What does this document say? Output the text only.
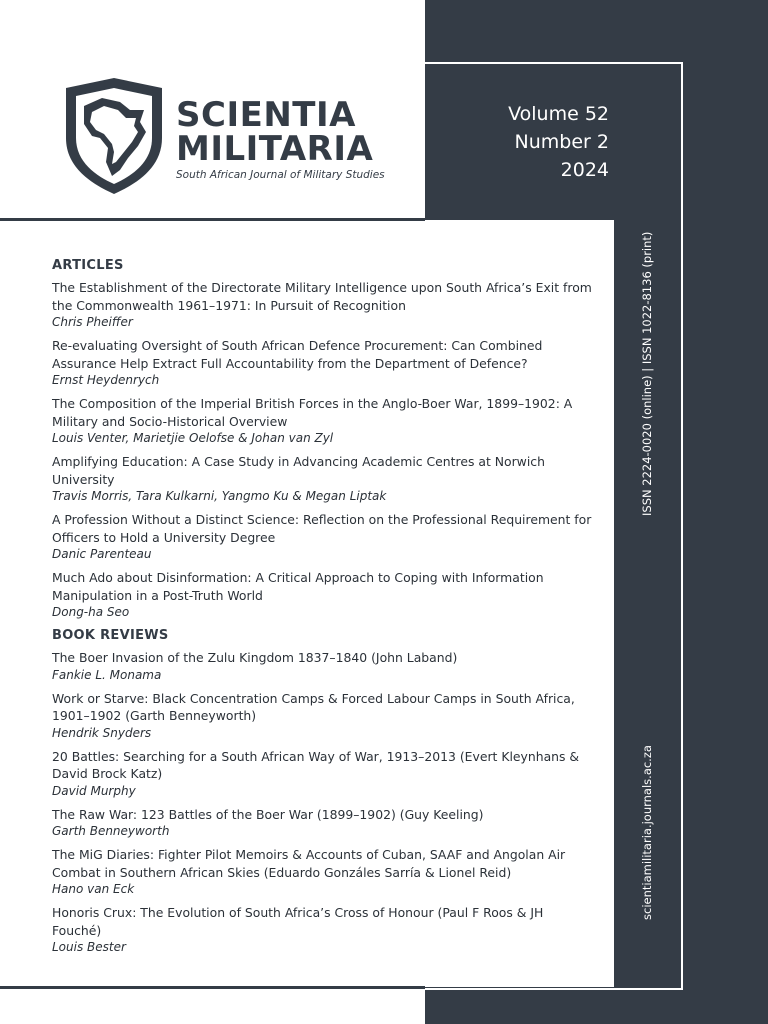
SCIENTIA
MILITARIA
South African Journal of Military Studies
Volume 52
Number 2
2024
ISSN 2224-0020 (online) | ISSN 1022-8136 (print)
scientiamilitaria.journals.ac.za
ARTICLES
The Establishment of the Directorate Military Intelligence upon South Africa’s Exit from the Commonwealth 1961–1971: In Pursuit of Recognition
Chris Pheiffer
Re-evaluating Oversight of South African Defence Procurement: Can Combined Assurance Help Extract Full Accountability from the Department of Defence?
Ernst Heydenrych
The Composition of the Imperial British Forces in the Anglo-Boer War, 1899–1902: A Military and Socio-Historical Overview
Louis Venter, Marietjie Oelofse & Johan van Zyl
Amplifying Education: A Case Study in Advancing Academic Centres at Norwich University
Travis Morris, Tara Kulkarni, Yangmo Ku & Megan Liptak
A Profession Without a Distinct Science: Reflection on the Professional Requirement for Officers to Hold a University Degree
Danic Parenteau
Much Ado about Disinformation: A Critical Approach to Coping with Information Manipulation in a Post-Truth World
Dong-ha Seo
BOOK REVIEWS
The Boer Invasion of the Zulu Kingdom 1837–1840 (John Laband)
Fankie L. Monama
Work or Starve: Black Concentration Camps & Forced Labour Camps in South Africa, 1901–1902 (Garth Benneyworth)
Hendrik Snyders
20 Battles: Searching for a South African Way of War, 1913–2013 (Evert Kleynhans & David Brock Katz)
David Murphy
The Raw War: 123 Battles of the Boer War (1899–1902) (Guy Keeling)
Garth Benneyworth
The MiG Diaries: Fighter Pilot Memoirs & Accounts of Cuban, SAAF and Angolan Air Combat in Southern African Skies (Eduardo Gonzáles Sarría & Lionel Reid)
Hano van Eck
Honoris Crux: The Evolution of South Africa’s Cross of Honour (Paul F Roos & JH Fouché)
Louis Bester
